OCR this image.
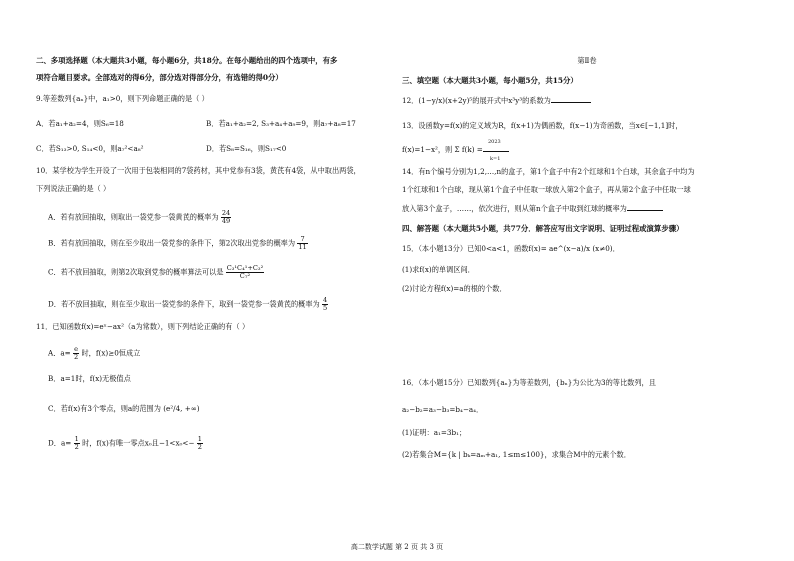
二、多项选择题（本大题共3小题，每小题6分，共18分。在每小题给出的四个选项中，有多
项符合题目要求。全部选对的得6分，部分选对得部分分，有选错的得0分）
9.等差数列{aₙ}中，a₁>0，则下列命题正确的是（ ）
A．若a₁+a₂=4，则S₆=18	B．若a₁+a₂=2, S₃+a₄+a₉=9，则a₇+a₈=17
C．若S₁₃>0, S₁₄<0，则a₇²<a₈²	D．若S₈=S₁₆，则S₁₇<0
10．某学校为学生开设了一次用于包装相同的7袋药材，其中党参有3袋，黄芪有4袋，从中取出两袋，
下列说法正确的是（ ）
A．若有放回抽取，则取出一袋党参一袋黄芪的概率为 $\frac{24}{49}$
B．若有放回抽取，则在至少取出一袋党参的条件下，第2次取出党参的概率为 $\frac{7}{11}$
C．若不放回抽取，则第2次取到党参的概率算法可以是 $\frac{\text{C₃¹C₄¹+C₃²}}{\text{C₇²}}$
D．若不放回抽取，则在至少取出一袋党参的条件下，取到一袋党参一袋黄芪的概率为 $\frac{4}{5}$
11．已知函数f(x)=eˣ−ax²（a为常数），则下列结论正确的有（ ）
A．$a= \frac{e}{2}$ 时，f(x)≥0恒成立
B．a=1时，f(x)无极值点
C．若f(x)有3个零点，则a的范围为 (e²/4, +∞)
D．$a= \frac{1}{2}$ 时，f(x)有唯一零点x₀且$-1<x_0<- \frac{1}{2}$
第Ⅱ卷
三、填空题（本大题共3小题，每小题5分，共15分）
12．(1−y/x)(x+2y)⁵的展开式中x³y³的系数为
13．设函数y=f(x)的定义域为R，f(x+1)为偶函数，f(x−1)为奇函数，当x∈[−1,1]时，
f(x)=1−x²，则 Σ f(k) =
2023
k=1
14．有n个编号分别为1,2,…,n的盒子，第1个盒子中有2个红球和1个白球，其余盒子中均为
1个红球和1个白球，现从第1个盒子中任取一球放入第2个盒子，再从第2个盒子中任取一球
放入第3个盒子，……，依次进行，则从第n个盒子中取到红球的概率为
四、解答题（本大题共5小题，共77分．解答应写出文字说明、证明过程或演算步骤）
15．（本小题13分）已知0<a<1，函数f(x)= ae^(x−a)/x (x≠0)．
(1)求f(x)的单调区间．
(2)讨论方程f(x)=a的根的个数．
16．（本小题15分）已知数列{aₙ}为等差数列，{bₙ}为公比为3的等比数列，且
a₂−b₂=a₃−b₃=b₄−a₄．
(1)证明：a₁=3b₁；
(2)若集合M={k | bₖ=aₘ+a₁, 1≤m≤100}，求集合M中的元素个数．
高二数学试题 第 2 页 共 3 页
